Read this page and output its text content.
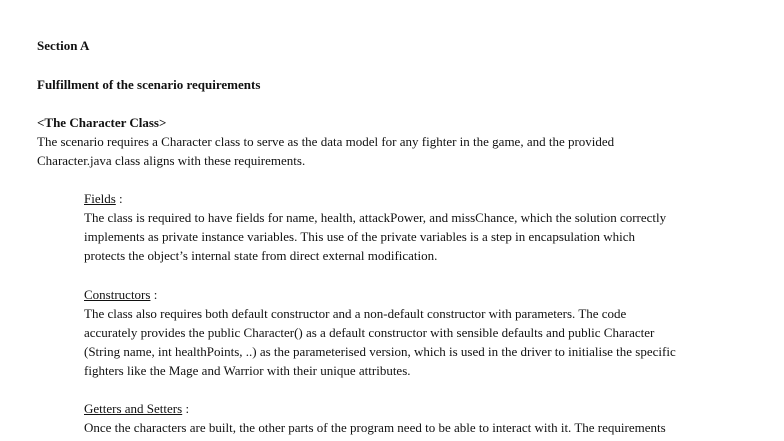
Section A
Fulfillment of the scenario requirements
<The Character Class>
The scenario requires a Character class to serve as the data model for any fighter in the game, and the provided
Character.java class aligns with these requirements.
Fields :
The class is required to have fields for name, health, attackPower, and missChance, which the solution correctly
implements as private instance variables. This use of the private variables is a step in encapsulation which
protects the object’s internal state from direct external modification.
Constructors :
The class also requires both default constructor and a non-default constructor with parameters. The code
accurately provides the public Character() as a default constructor with sensible defaults and public Character
(String name, int healthPoints, ..) as the parameterised version, which is used in the driver to initialise the specific
fighters like the Mage and Warrior with their unique attributes.
Getters and Setters :
Once the characters are built, the other parts of the program need to be able to interact with it. The requirements
